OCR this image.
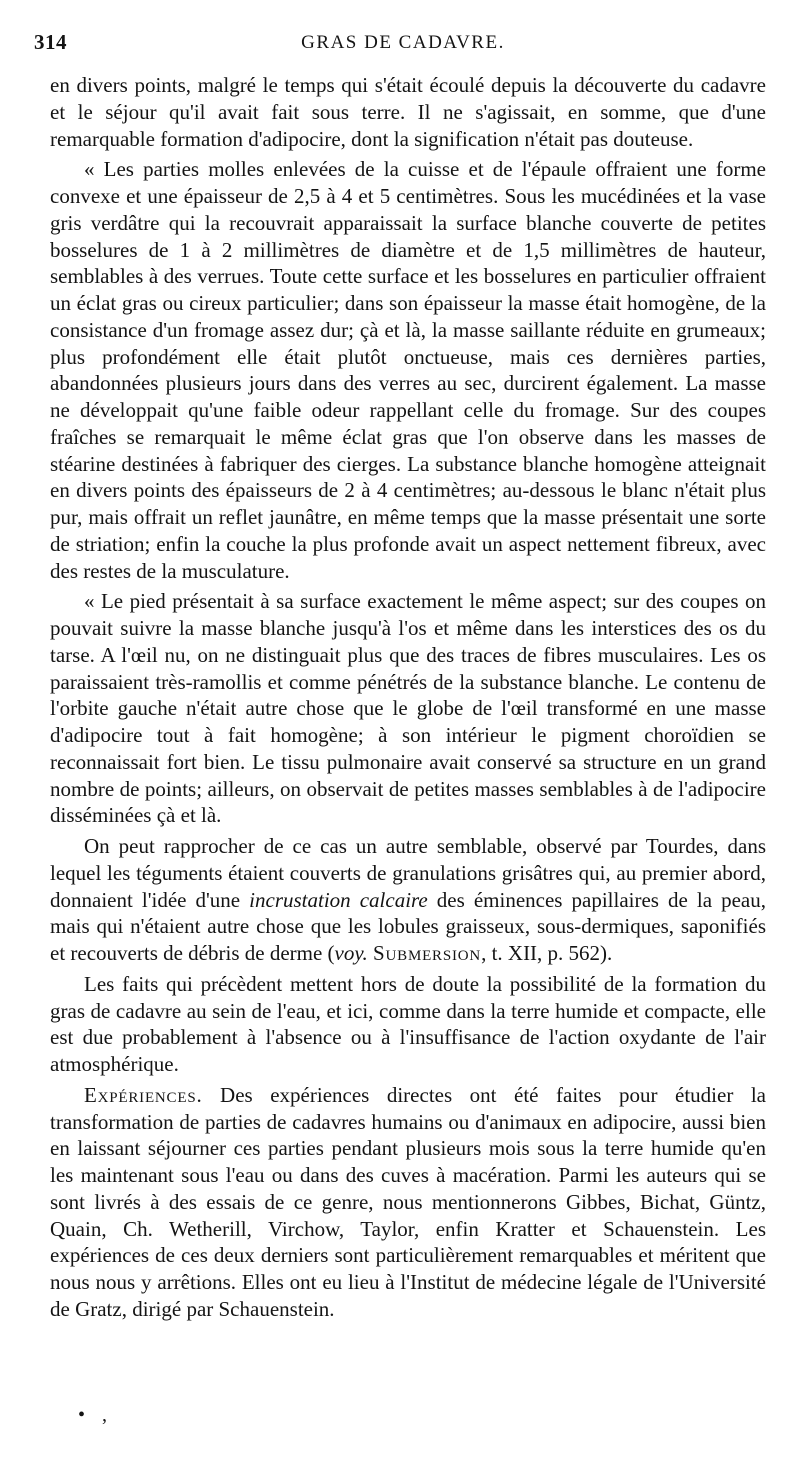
314	GRAS DE CADAVRE.

en divers points, malgré le temps qui s'était écoulé depuis la découverte du cadavre et le séjour qu'il avait fait sous terre. Il ne s'agissait, en somme, que d'une remarquable formation d'adipocire, dont la signification n'était pas douteuse.

« Les parties molles enlevées de la cuisse et de l'épaule offraient une forme convexe et une épaisseur de 2,5 à 4 et 5 centimètres. Sous les mucédinées et la vase gris verdâtre qui la recouvrait apparaissait la surface blanche couverte de petites bosselures de 1 à 2 millimètres de diamètre et de 1,5 millimètres de hauteur, semblables à des verrues. Toute cette surface et les bosselures en particulier offraient un éclat gras ou cireux particulier; dans son épaisseur la masse était homogène, de la consistance d'un fromage assez dur; çà et là, la masse saillante réduite en grumeaux; plus profondément elle était plutôt onctueuse, mais ces dernières parties, abandonnées plusieurs jours dans des verres au sec, durcirent également. La masse ne développait qu'une faible odeur rappellant celle du fromage. Sur des coupes fraîches se remarquait le même éclat gras que l'on observe dans les masses de stéarine destinées à fabriquer des cierges. La substance blanche homogène atteignait en divers points des épaisseurs de 2 à 4 centimètres; au-dessous le blanc n'était plus pur, mais offrait un reflet jaunâtre, en même temps que la masse présentait une sorte de striation; enfin la couche la plus profonde avait un aspect nettement fibreux, avec des restes de la musculature.

« Le pied présentait à sa surface exactement le même aspect; sur des coupes on pouvait suivre la masse blanche jusqu'à l'os et même dans les interstices des os du tarse. A l'œil nu, on ne distinguait plus que des traces de fibres musculaires. Les os paraissaient très-ramollis et comme pénétrés de la substance blanche. Le contenu de l'orbite gauche n'était autre chose que le globe de l'œil transformé en une masse d'adipocire tout à fait homogène; à son intérieur le pigment choroïdien se reconnaissait fort bien. Le tissu pulmonaire avait conservé sa structure en un grand nombre de points; ailleurs, on observait de petites masses semblables à de l'adipocire disséminées çà et là.

On peut rapprocher de ce cas un autre semblable, observé par Tourdes, dans lequel les téguments étaient couverts de granulations grisâtres qui, au premier abord, donnaient l'idée d'une incrustation calcaire des éminences papillaires de la peau, mais qui n'étaient autre chose que les lobules graisseux, sous-dermiques, saponifiés et recouverts de débris de derme (voy. Submersion, t. XII, p. 562).

Les faits qui précèdent mettent hors de doute la possibilité de la formation du gras de cadavre au sein de l'eau, et ici, comme dans la terre humide et compacte, elle est due probablement à l'absence ou à l'insuffisance de l'action oxydante de l'air atmosphérique.

Expériences. Des expériences directes ont été faites pour étudier la transformation de parties de cadavres humains ou d'animaux en adipocire, aussi bien en laissant séjourner ces parties pendant plusieurs mois sous la terre humide qu'en les maintenant sous l'eau ou dans des cuves à macération. Parmi les auteurs qui se sont livrés à des essais de ce genre, nous mentionnerons Gibbes, Bichat, Güntz, Quain, Ch. Wetherill, Virchow, Taylor, enfin Kratter et Schauenstein. Les expériences de ces deux derniers sont particulièrement remarquables et méritent que nous nous y arrêtions. Elles ont eu lieu à l'Institut de médecine légale de l'Université de Gratz, dirigé par Schauenstein.

• ,
